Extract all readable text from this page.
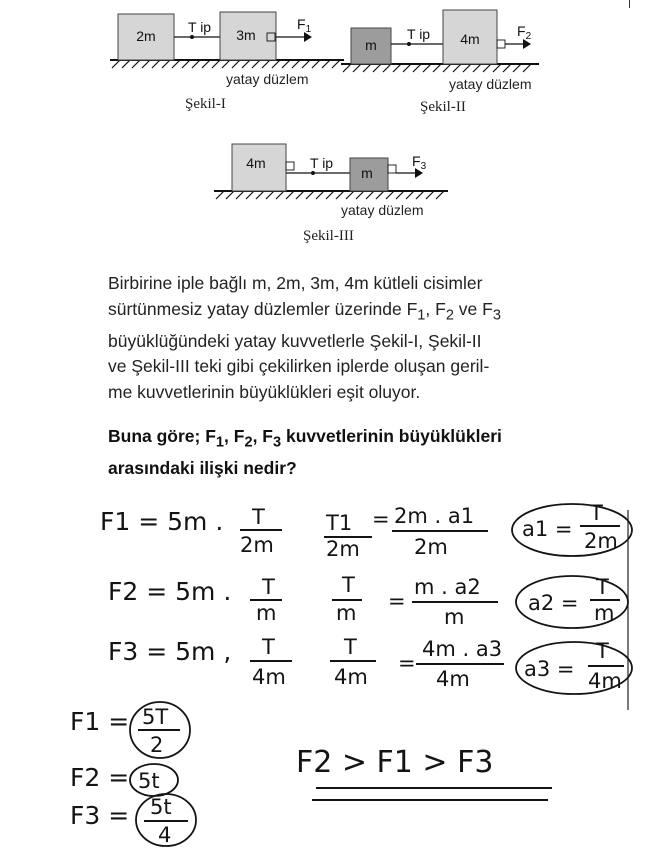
2m
T ip 3m
$F_1$
yatay düzlem
Şekil-I
m
T ip 4m	$F_2$
yatay düzlem
Şekil-II
4m	T ip
m
$F_3$
yatay düzlem
Şekil-III

Birbirine iple bağlı m, 2m, 3m, 4m kütleli cisimler

sürtünmesiz yatay düzlemler üzerinde $F_1$, $F_2$ ve $F_3$

büyüklüğündeki yatay kuvvetlerle Şekil-I, Şekil-II

ve Şekil-III teki gibi çekilirken iplerde oluşan geril-

me kuvvetlerinin büyüklükleri eşit oluyor.

Buna göre; $F_1$, $F_2$, $F_3$ kuvvetlerinin büyüklükleri
arasındaki ilişki nedir?
F1 = 5m . T
2m
T1
2m
= 2m . a1
2m
a1 =
T
2m
F2 = 5m . T
m
T
m =
m . a2
m
a2 =
T
m
F3 = 5m , T
4m
T
4m
=
4m . a3
4m	a3 =
T
4m
F1 = 5T
2
F2 = 5t
F3 = 5t
4
F2 > F1 > F3
